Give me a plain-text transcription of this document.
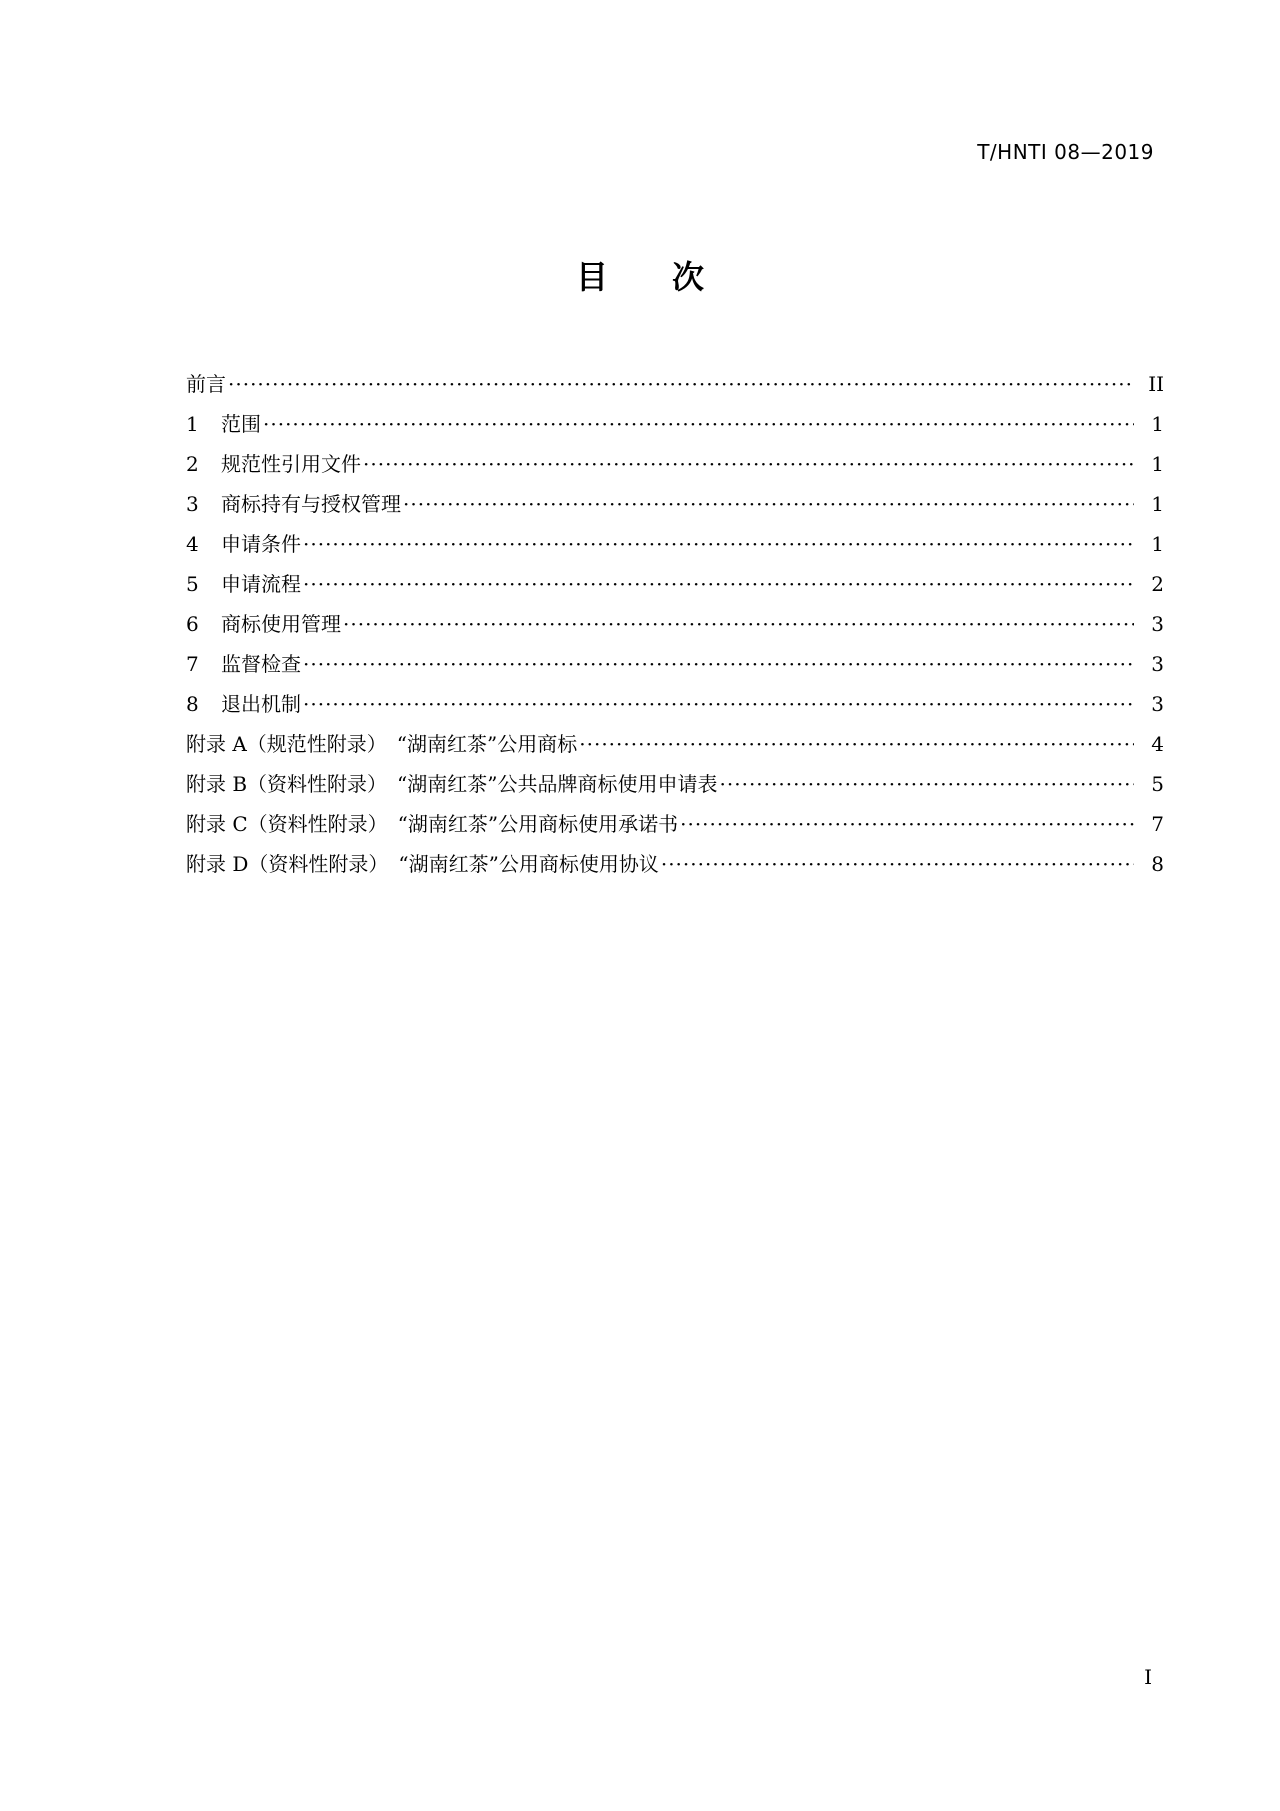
T/HNTI 08—2019
目次
前言 ·····	II
1	范围 ·····	1
2	规范性引用文件 ·····	1
3	商标持有与授权管理 ·····	1
4	申请条件 ·····	1
5	申请流程 ·····	2
6	商标使用管理 ·····	3
7	监督检查 ·····	3
8	退出机制 ·····	3
附录 A（规范性附录）　“湖南红茶”公用商标 ·····	4
附录 B（资料性附录）　“湖南红茶”公共品牌商标使用申请表 ·····	5
附录 C（资料性附录）　“湖南红茶”公用商标使用承诺书 ·····	7
附录 D（资料性附录）　“湖南红茶”公用商标使用协议 ·····	8
I
